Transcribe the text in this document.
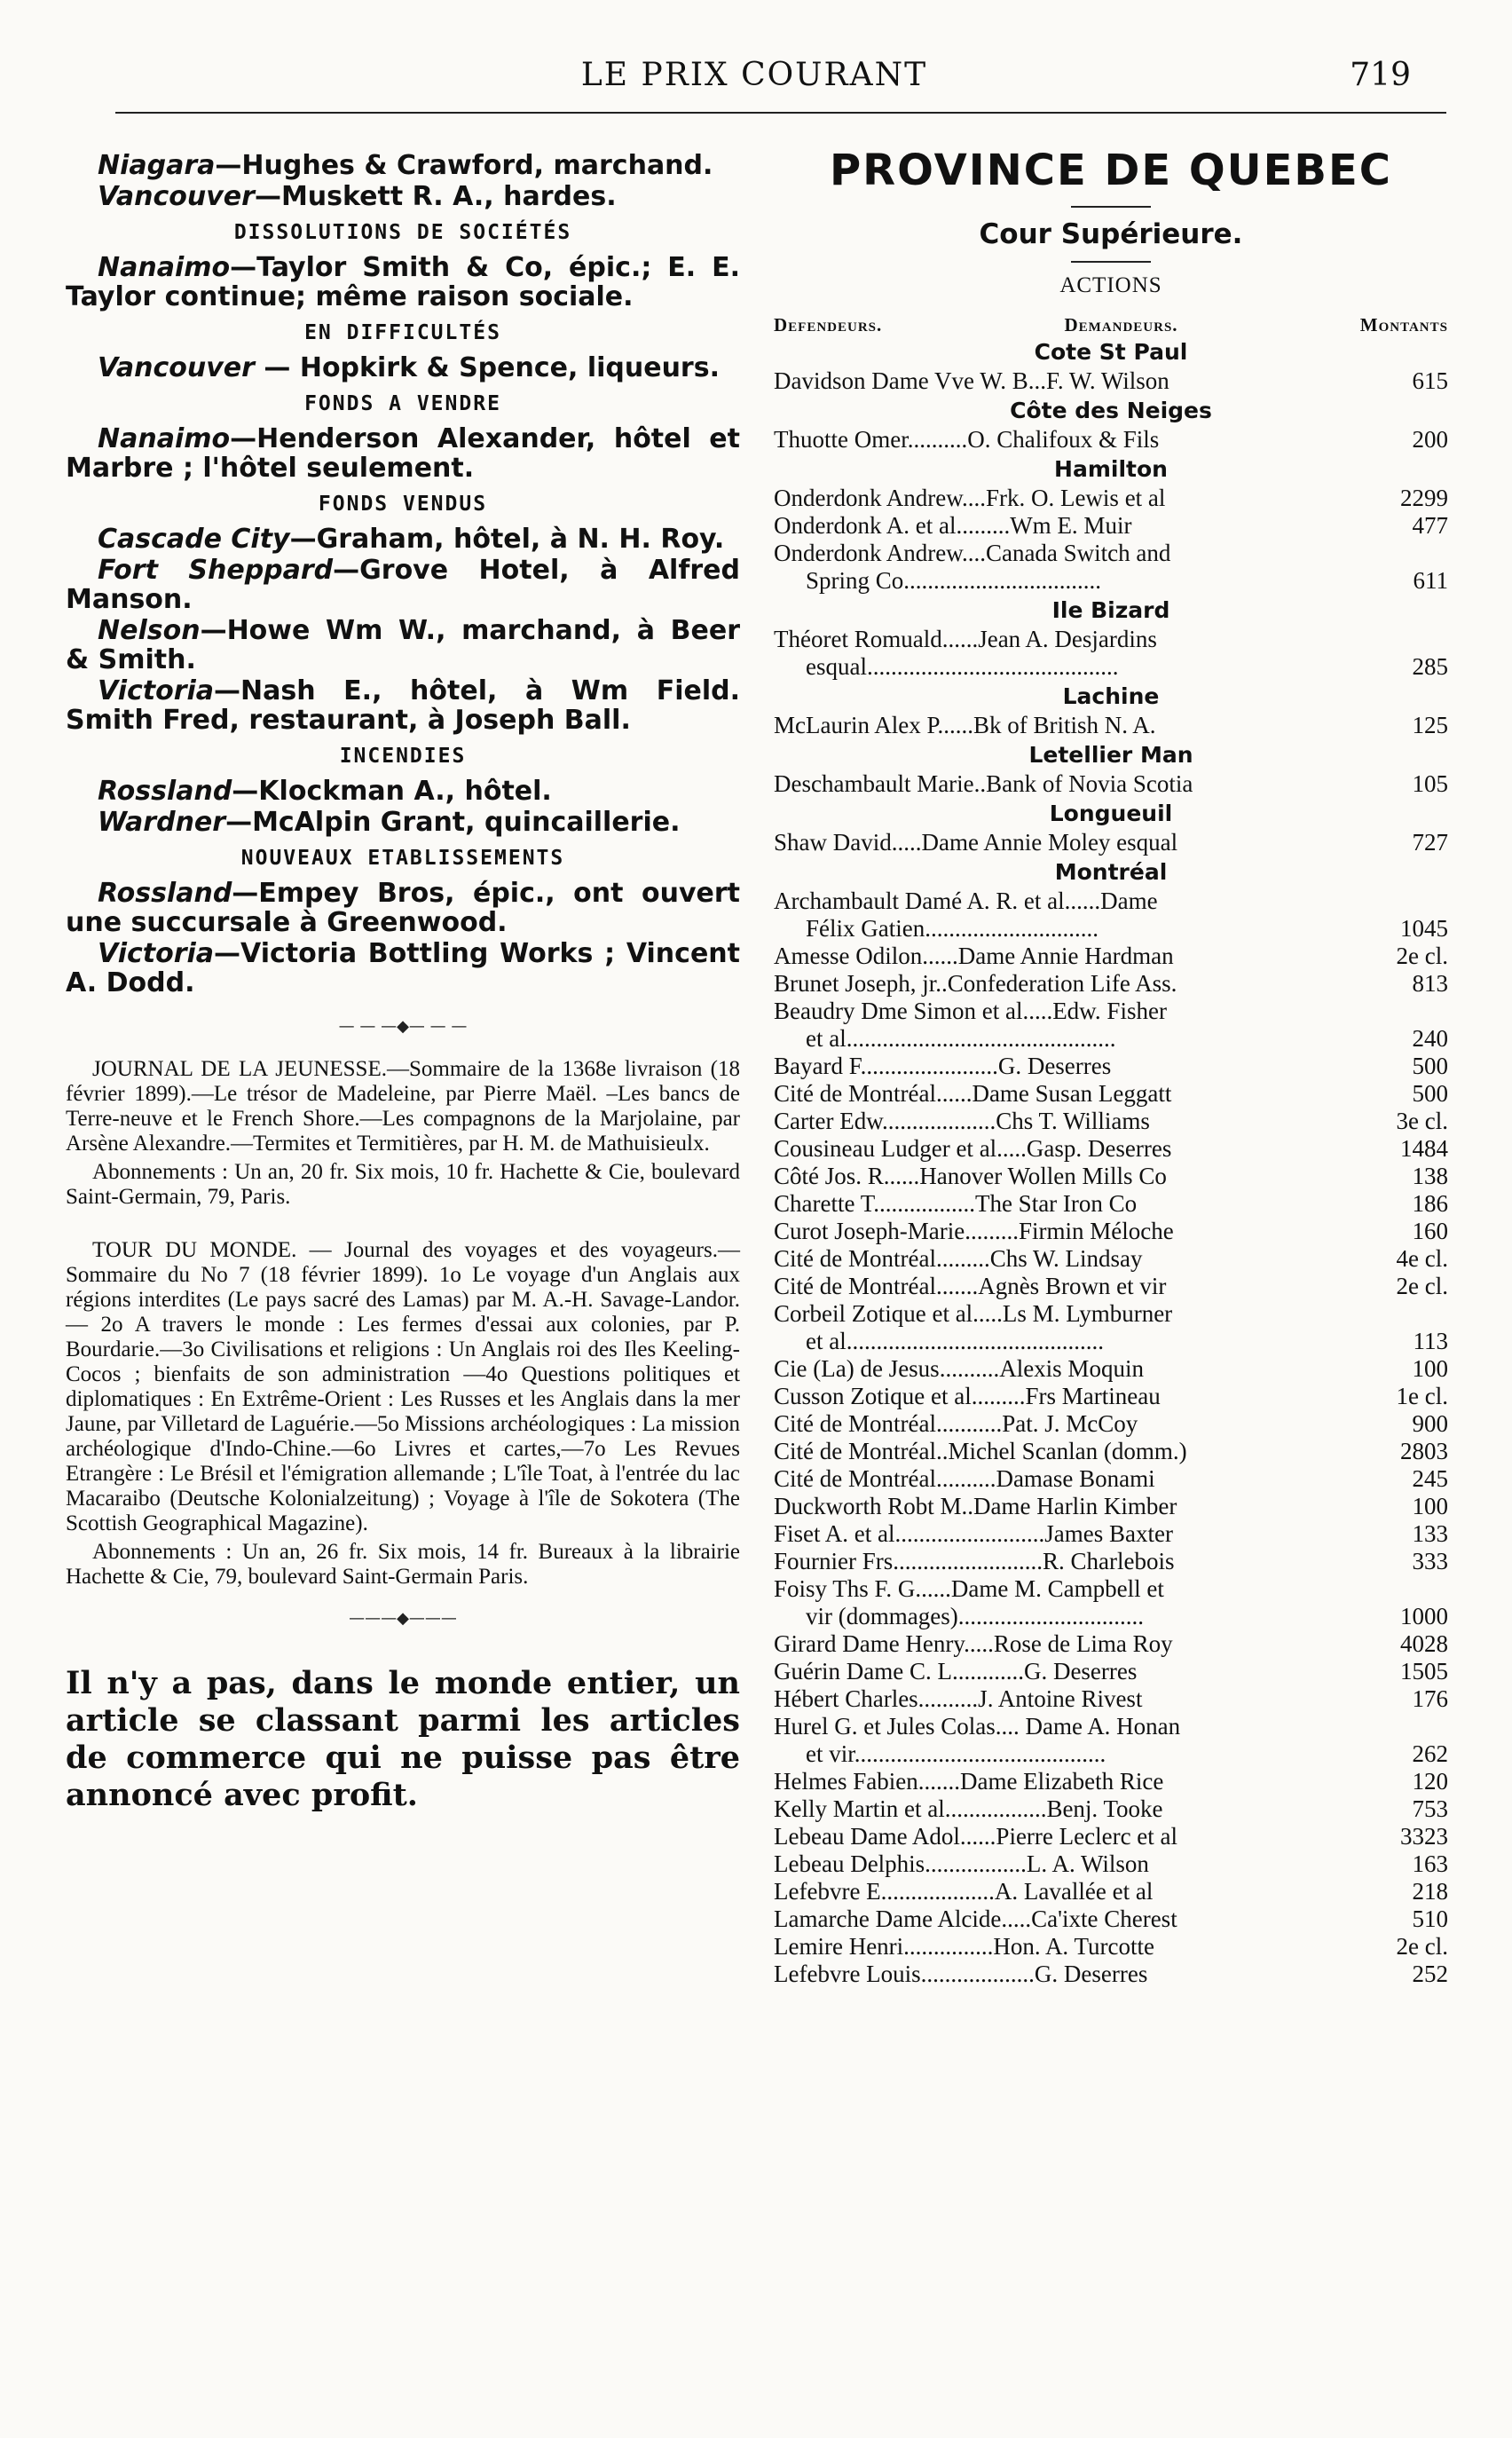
LE PRIX COURANT	719
Niagara—Hughes & Crawford, marchand.
Vancouver—Muskett R. A., hardes.
DISSOLUTIONS DE SOCIÉTÉS
Nanaimo—Taylor Smith & Co, épic.; E. E. Taylor continue; même raison sociale.
EN DIFFICULTÉS
Vancouver — Hopkirk & Spence, liqueurs.
FONDS A VENDRE
Nanaimo—Henderson Alexander, hôtel et Marbre ; l'hôtel seulement.
FONDS VENDUS
Cascade City—Graham, hôtel, à N. H. Roy.
Fort Sheppard—Grove Hotel, à Alfred Manson.
Nelson—Howe Wm W., marchand, à Beer & Smith.
Victoria—Nash E., hôtel, à Wm Field. Smith Fred, restaurant, à Joseph Ball.
INCENDIES
Rossland—Klockman A., hôtel.
Wardner—McAlpin Grant, quincaillerie.
NOUVEAUX ETABLISSEMENTS
Rossland—Empey Bros, épic., ont ouvert une succursale à Greenwood.
Victoria—Victoria Bottling Works ; Vincent A. Dodd.
— — —◆— — —
JOURNAL DE LA JEUNESSE.—Sommaire de la 1368e livraison (18 février 1899).—Le trésor de Madeleine, par Pierre Maël. –Les bancs de Terre-neuve et le French Shore.—Les compagnons de la Marjolaine, par Arsène Alexandre.—Termites et Termitières, par H. M. de Mathuisieulx.
Abonnements : Un an, 20 fr. Six mois, 10 fr. Hachette & Cie, boulevard Saint-Germain, 79, Paris.
TOUR DU MONDE. — Journal des voyages et des voyageurs.—Sommaire du No 7 (18 février 1899). 1o Le voyage d'un Anglais aux régions interdites (Le pays sacré des Lamas) par M. A.-H. Savage-Landor. — 2o A travers le monde : Les fermes d'essai aux colonies, par P. Bourdarie.—3o Civilisations et religions : Un Anglais roi des Iles Keeling-Cocos ; bienfaits de son administration —4o Questions politiques et diplomatiques : En Extrême-Orient : Les Russes et les Anglais dans la mer Jaune, par Villetard de Laguérie.—5o Missions archéologiques : La mission archéologique d'Indo-Chine.—6o Livres et cartes,—7o Les Revues Etrangère : Le Brésil et l'émigration allemande ; L'île Toat, à l'entrée du lac Macaraibo (Deutsche Kolonialzeitung) ; Voyage à l'île de Sokotera (The Scottish Geographical Magazine).
Abonnements : Un an, 26 fr. Six mois, 14 fr. Bureaux à la librairie Hachette & Cie, 79, boulevard Saint-Germain Paris.
———◆———
Il n'y a pas, dans le monde entier, un article se classant parmi les articles de commerce qui ne puisse pas être annoncé avec profit.
PROVINCE DE QUEBEC
Cour Supérieure.
ACTIONS
Defendeurs.	Demandeurs.	Montants
Cote St Paul
Davidson Dame Vve W. B...F. W. Wilson	615
Côte des Neiges
Thuotte Omer..........O. Chalifoux & Fils	200
Hamilton
Onderdonk Andrew....Frk. O. Lewis et al	2299
Onderdonk A. et al.........Wm E. Muir	477
Onderdonk Andrew....Canada Switch and
Spring Co.................................	611
Ile Bizard
Théoret Romuald......Jean A. Desjardins
esqual..........................................	285
Lachine
McLaurin Alex P......Bk of British N. A.	125
Letellier Man
Deschambault Marie..Bank of Novia Scotia	105
Longueuil
Shaw David.....Dame Annie Moley esqual	727
Montréal
Archambault Damé A. R. et al......Dame
Félix Gatien.............................	1045
Amesse Odilon......Dame Annie Hardman	2e cl.
Brunet Joseph, jr..Confederation Life Ass.	813
Beaudry Dme Simon et al.....Edw. Fisher
et al.............................................	240
Bayard F.......................G. Deserres	500
Cité de Montréal......Dame Susan Leggatt	500
Carter Edw...................Chs T. Williams	3e cl.
Cousineau Ludger et al.....Gasp. Deserres	1484
Côté Jos. R......Hanover Wollen Mills Co	138
Charette T.................The Star Iron Co	186
Curot Joseph-Marie.........Firmin Méloche	160
Cité de Montréal.........Chs W. Lindsay	4e cl.
Cité de Montréal.......Agnès Brown et vir	2e cl.
Corbeil Zotique et al.....Ls M. Lymburner
et al...........................................	113
Cie (La) de Jesus..........Alexis Moquin	100
Cusson Zotique et al.........Frs Martineau	1e cl.
Cité de Montréal...........Pat. J. McCoy	900
Cité de Montréal..Michel Scanlan (domm.)	2803
Cité de Montréal..........Damase Bonami	245
Duckworth Robt M..Dame Harlin Kimber	100
Fiset A. et al.........................James Baxter	133
Fournier Frs.........................R. Charlebois	333
Foisy Ths F. G......Dame M. Campbell et
vir (dommages)...............................	1000
Girard Dame Henry.....Rose de Lima Roy	4028
Guérin Dame C. L............G. Deserres	1505
Hébert Charles..........J. Antoine Rivest	176
Hurel G. et Jules Colas.... Dame A. Honan
et vir..........................................	262
Helmes Fabien.......Dame Elizabeth Rice	120
Kelly Martin et al.................Benj. Tooke	753
Lebeau Dame Adol......Pierre Leclerc et al	3323
Lebeau Delphis.................L. A. Wilson	163
Lefebvre E...................A. Lavallée et al	218
Lamarche Dame Alcide.....Ca'ixte Cherest	510
Lemire Henri...............Hon. A. Turcotte	2e cl.
Lefebvre Louis...................G. Deserres	252
